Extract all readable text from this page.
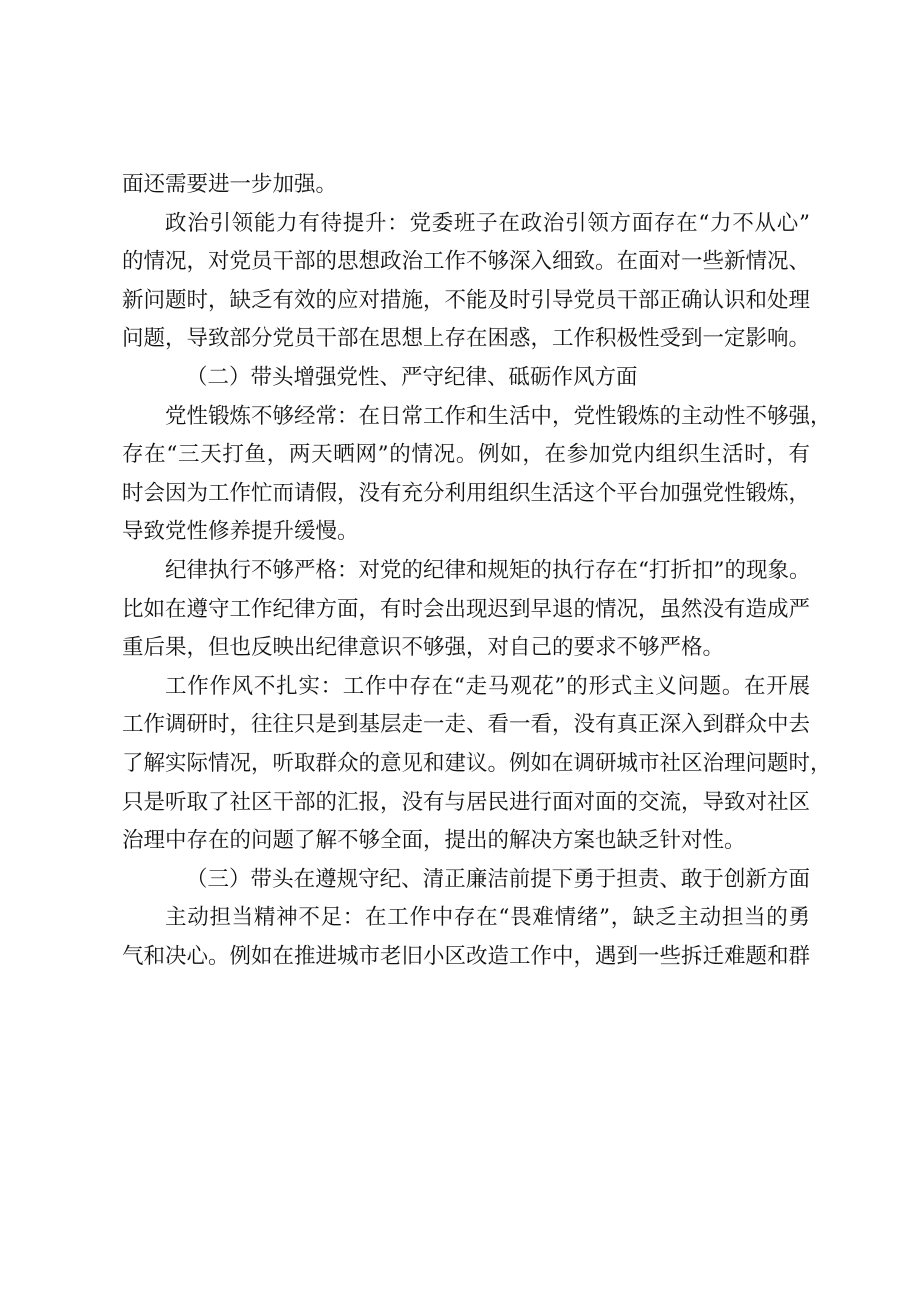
面还需要进一步加强。
政治引领能力有待提升：党委班子在政治引领方面存在“力不从心”
的情况，对党员干部的思想政治工作不够深入细致。在面对一些新情况、
新问题时，缺乏有效的应对措施，不能及时引导党员干部正确认识和处理
问题，导致部分党员干部在思想上存在困惑，工作积极性受到一定影响。
（二）带头增强党性、严守纪律、砥砺作风方面
党性锻炼不够经常：在日常工作和生活中，党性锻炼的主动性不够强，
存在“三天打鱼，两天晒网”的情况。例如，在参加党内组织生活时，有
时会因为工作忙而请假，没有充分利用组织生活这个平台加强党性锻炼，
导致党性修养提升缓慢。
纪律执行不够严格：对党的纪律和规矩的执行存在“打折扣”的现象。
比如在遵守工作纪律方面，有时会出现迟到早退的情况，虽然没有造成严
重后果，但也反映出纪律意识不够强，对自己的要求不够严格。
工作作风不扎实：工作中存在“走马观花”的形式主义问题。在开展
工作调研时，往往只是到基层走一走、看一看，没有真正深入到群众中去
了解实际情况，听取群众的意见和建议。例如在调研城市社区治理问题时，
只是听取了社区干部的汇报，没有与居民进行面对面的交流，导致对社区
治理中存在的问题了解不够全面，提出的解决方案也缺乏针对性。
（三）带头在遵规守纪、清正廉洁前提下勇于担责、敢于创新方面
主动担当精神不足：在工作中存在“畏难情绪”，缺乏主动担当的勇
气和决心。例如在推进城市老旧小区改造工作中，遇到一些拆迁难题和群
